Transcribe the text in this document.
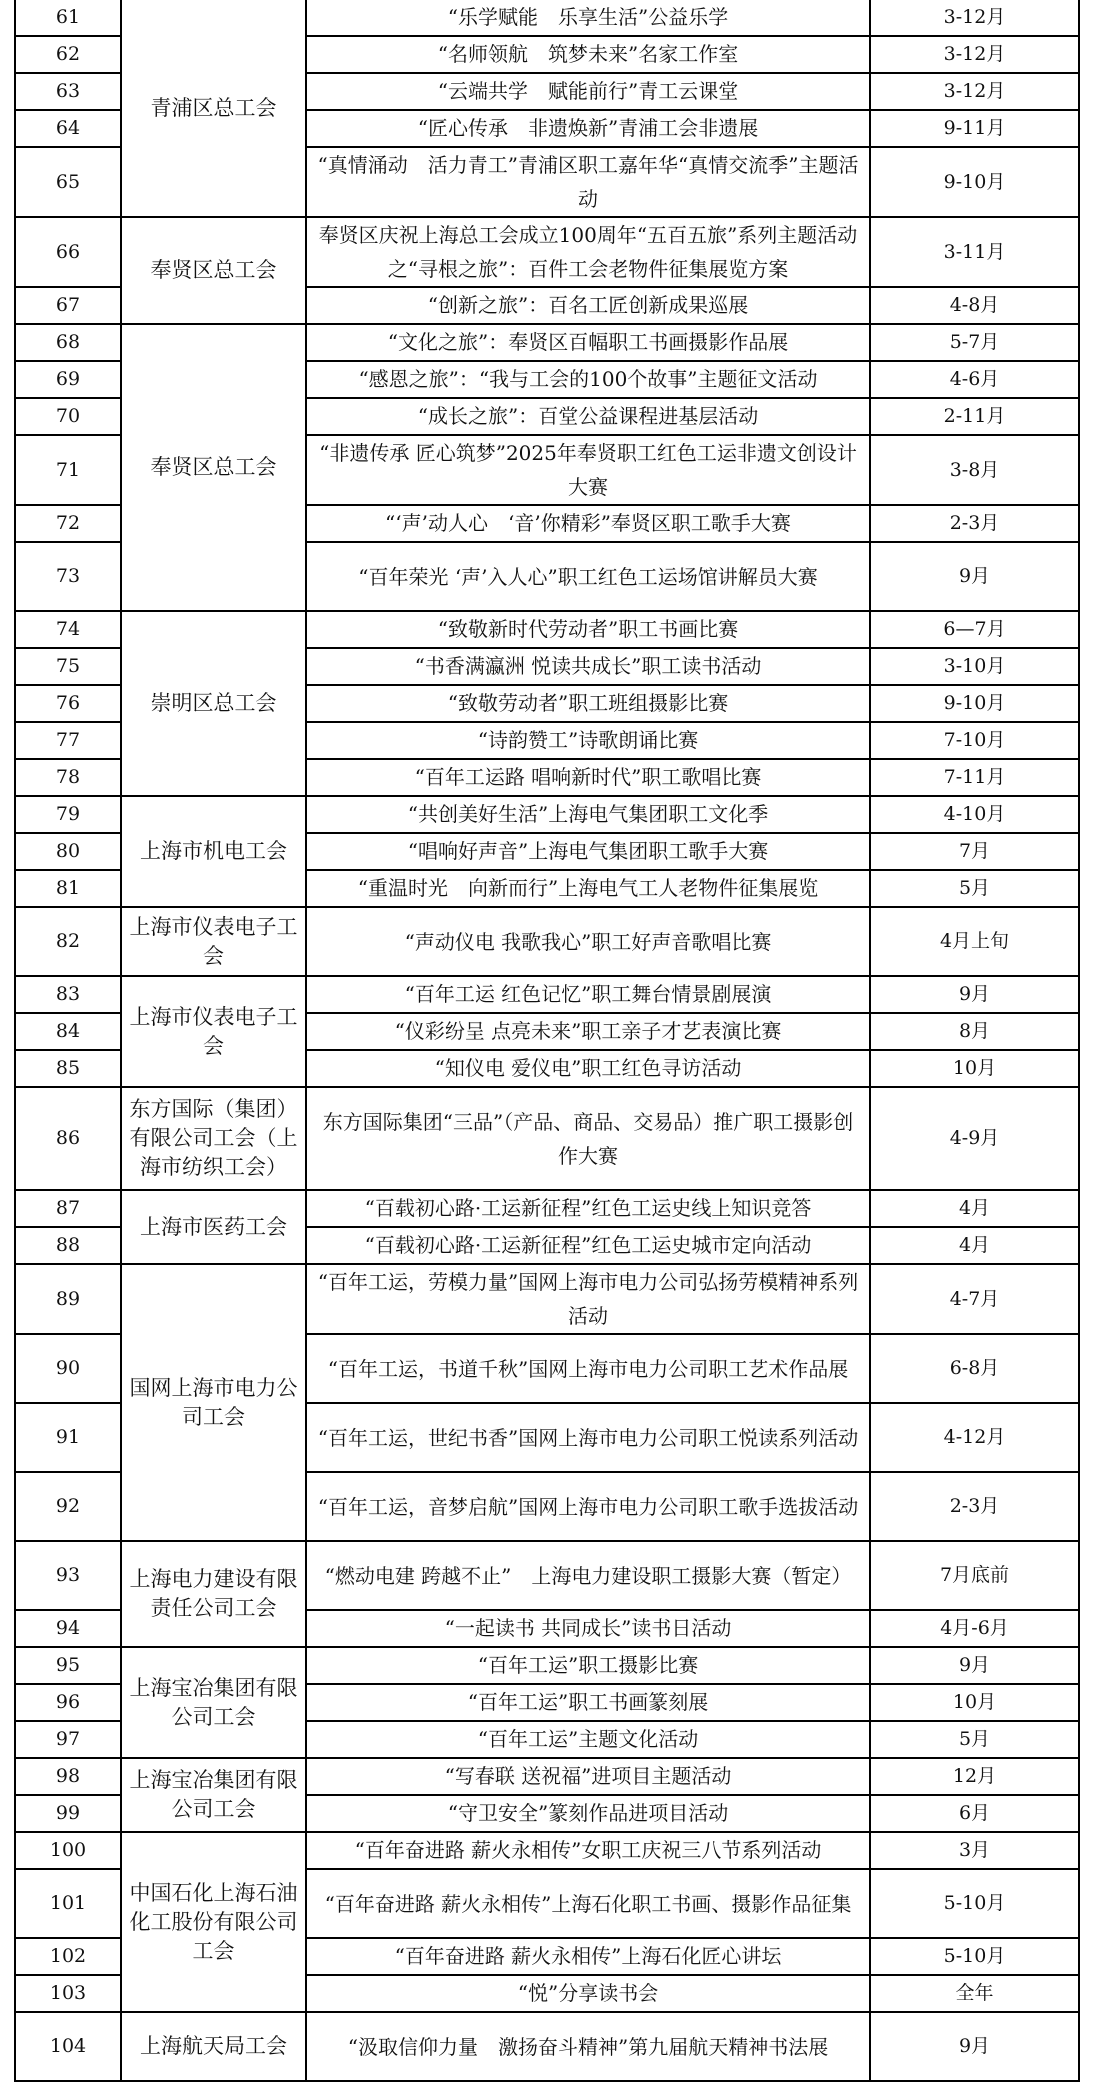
61	青浦区总工会	“乐学赋能　乐享生活”公益乐学	3-12月
62		“名师领航　筑梦未来”名家工作室	3-12月
63		“云端共学　赋能前行”青工云课堂	3-12月
64		“匠心传承　非遗焕新”青浦工会非遗展	9-11月
65		“真情涌动　活力青工”青浦区职工嘉年华“真情交流季”主题活动	9-10月
66	奉贤区总工会	奉贤区庆祝上海总工会成立100周年“五百五旅”系列主题活动之“寻根之旅”：百件工会老物件征集展览方案	3-11月
67		“创新之旅”：百名工匠创新成果巡展	4-8月
68	奉贤区总工会	“文化之旅”：奉贤区百幅职工书画摄影作品展	5-7月
69		“感恩之旅”：“我与工会的100个故事”主题征文活动	4-6月
70		“成长之旅”：百堂公益课程进基层活动	2-11月
71		“非遗传承 匠心筑梦”2025年奉贤职工红色工运非遗文创设计大赛	3-8月
72		“‘声’动人心　‘音’你精彩”奉贤区职工歌手大赛	2-3月
73		“百年荣光 ‘声’入人心”职工红色工运场馆讲解员大赛	9月
74	崇明区总工会	“致敬新时代劳动者”职工书画比赛	6—7月
75		“书香满瀛洲 悦读共成长”职工读书活动	3-10月
76		“致敬劳动者”职工班组摄影比赛	9-10月
77		“诗韵赞工”诗歌朗诵比赛	7-10月
78		“百年工运路 唱响新时代”职工歌唱比赛	7-11月
79	上海市机电工会	“共创美好生活”上海电气集团职工文化季	4-10月
80		“唱响好声音”上海电气集团职工歌手大赛	7月
81		“重温时光　向新而行”上海电气工人老物件征集展览	5月
82	上海市仪表电子工会	“声动仪电 我歌我心”职工好声音歌唱比赛	4月上旬
83	上海市仪表电子工会	“百年工运 红色记忆”职工舞台情景剧展演	9月
84		“仪彩纷呈 点亮未来”职工亲子才艺表演比赛	8月
85		“知仪电 爱仪电”职工红色寻访活动	10月
86	东方国际（集团）有限公司工会（上海市纺织工会）	东方国际集团“三品”（产品、商品、交易品）推广职工摄影创作大赛	4-9月
87	上海市医药工会	“百载初心路·工运新征程”红色工运史线上知识竞答	4月
88		“百载初心路·工运新征程”红色工运史城市定向活动	4月
89	国网上海市电力公司工会	“百年工运，劳模力量”国网上海市电力公司弘扬劳模精神系列活动	4-7月
90		“百年工运，书道千秋”国网上海市电力公司职工艺术作品展	6-8月
91		“百年工运，世纪书香”国网上海市电力公司职工悦读系列活动	4-12月
92		“百年工运，音梦启航”国网上海市电力公司职工歌手选拔活动	2-3月
93	上海电力建设有限责任公司工会	“燃动电建 跨越不止”　上海电力建设职工摄影大赛（暂定）	7月底前
94		“一起读书 共同成长”读书日活动	4月-6月
95	上海宝冶集团有限公司工会	“百年工运”职工摄影比赛	9月
96		“百年工运”职工书画篆刻展	10月
97		“百年工运”主题文化活动	5月
98	上海宝冶集团有限公司工会	“写春联 送祝福”进项目主题活动	12月
99		“守卫安全”篆刻作品进项目活动	6月
100	中国石化上海石油化工股份有限公司工会	“百年奋进路 薪火永相传”女职工庆祝三八节系列活动	3月
101		“百年奋进路 薪火永相传”上海石化职工书画、摄影作品征集	5-10月
102		“百年奋进路 薪火永相传”上海石化匠心讲坛	5-10月
103		“悦”分享读书会	全年
104	上海航天局工会	“汲取信仰力量　激扬奋斗精神”第九届航天精神书法展	9月
